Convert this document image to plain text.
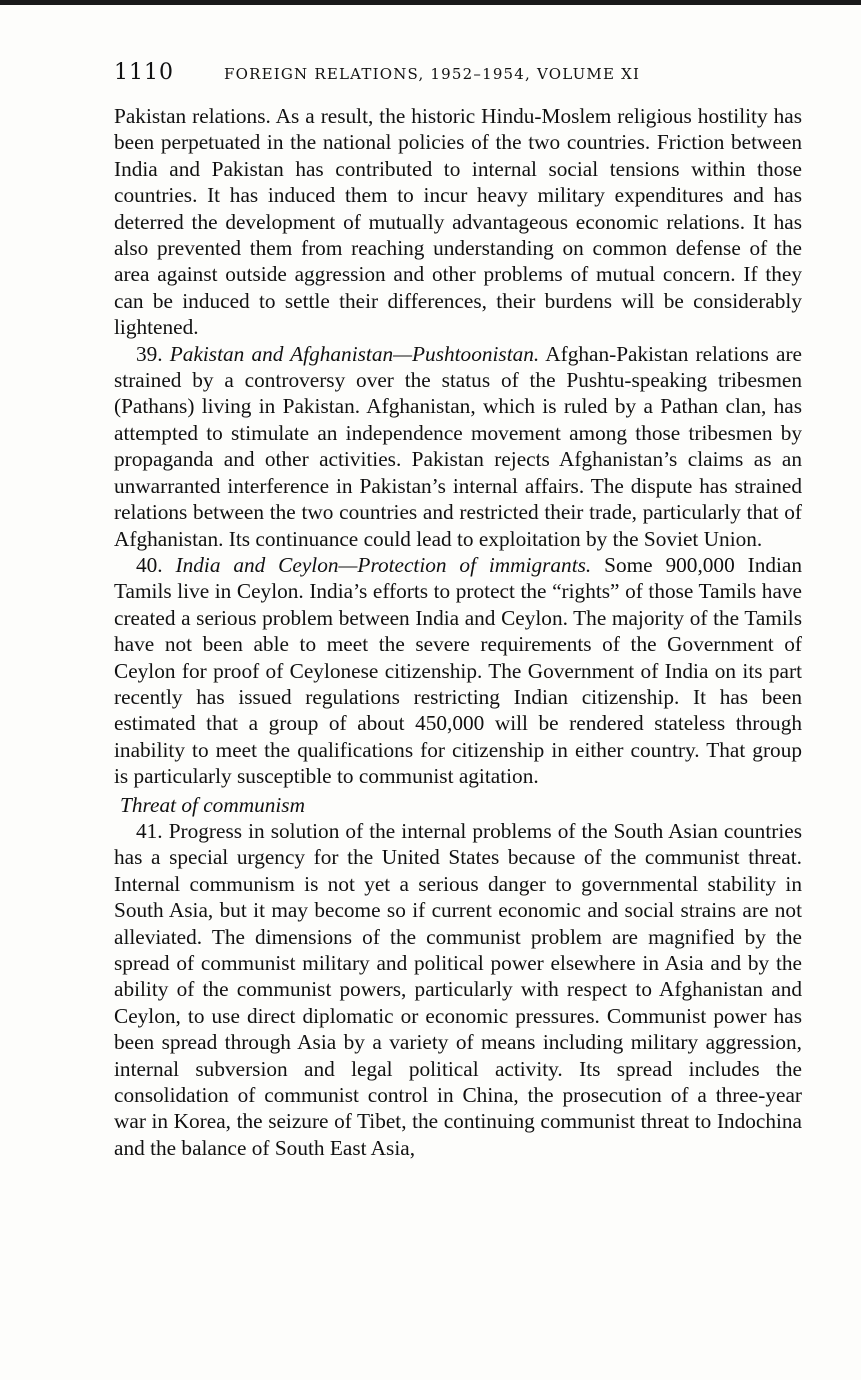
1110	FOREIGN RELATIONS, 1952–1954, VOLUME XI

Pakistan relations. As a result, the historic Hindu-Moslem religious hostility has been perpetuated in the national policies of the two countries. Friction between India and Pakistan has contributed to internal social tensions within those countries. It has induced them to incur heavy military expenditures and has deterred the development of mutually advantageous economic relations. It has also prevented them from reaching understanding on common defense of the area against outside aggression and other problems of mutual concern. If they can be induced to settle their differences, their burdens will be considerably lightened.

39. Pakistan and Afghanistan—Pushtoonistan. Afghan-Pakistan relations are strained by a controversy over the status of the Pushtu-speaking tribesmen (Pathans) living in Pakistan. Afghanistan, which is ruled by a Pathan clan, has attempted to stimulate an independence movement among those tribesmen by propaganda and other activities. Pakistan rejects Afghanistan’s claims as an unwarranted interference in Pakistan’s internal affairs. The dispute has strained relations between the two countries and restricted their trade, particularly that of Afghanistan. Its continuance could lead to exploitation by the Soviet Union.

40. India and Ceylon—Protection of immigrants. Some 900,000 Indian Tamils live in Ceylon. India’s efforts to protect the “rights” of those Tamils have created a serious problem between India and Ceylon. The majority of the Tamils have not been able to meet the severe requirements of the Government of Ceylon for proof of Ceylonese citizenship. The Government of India on its part recently has issued regulations restricting Indian citizenship. It has been estimated that a group of about 450,000 will be rendered stateless through inability to meet the qualifications for citizenship in either country. That group is particularly susceptible to communist agitation.

Threat of communism

41. Progress in solution of the internal problems of the South Asian countries has a special urgency for the United States because of the communist threat. Internal communism is not yet a serious danger to governmental stability in South Asia, but it may become so if current economic and social strains are not alleviated. The dimensions of the communist problem are magnified by the spread of communist military and political power elsewhere in Asia and by the ability of the communist powers, particularly with respect to Afghanistan and Ceylon, to use direct diplomatic or economic pressures. Communist power has been spread through Asia by a variety of means including military aggression, internal subversion and legal political activity. Its spread includes the consolidation of communist control in China, the prosecution of a three-year war in Korea, the seizure of Tibet, the continuing communist threat to Indochina and the balance of South East Asia,
